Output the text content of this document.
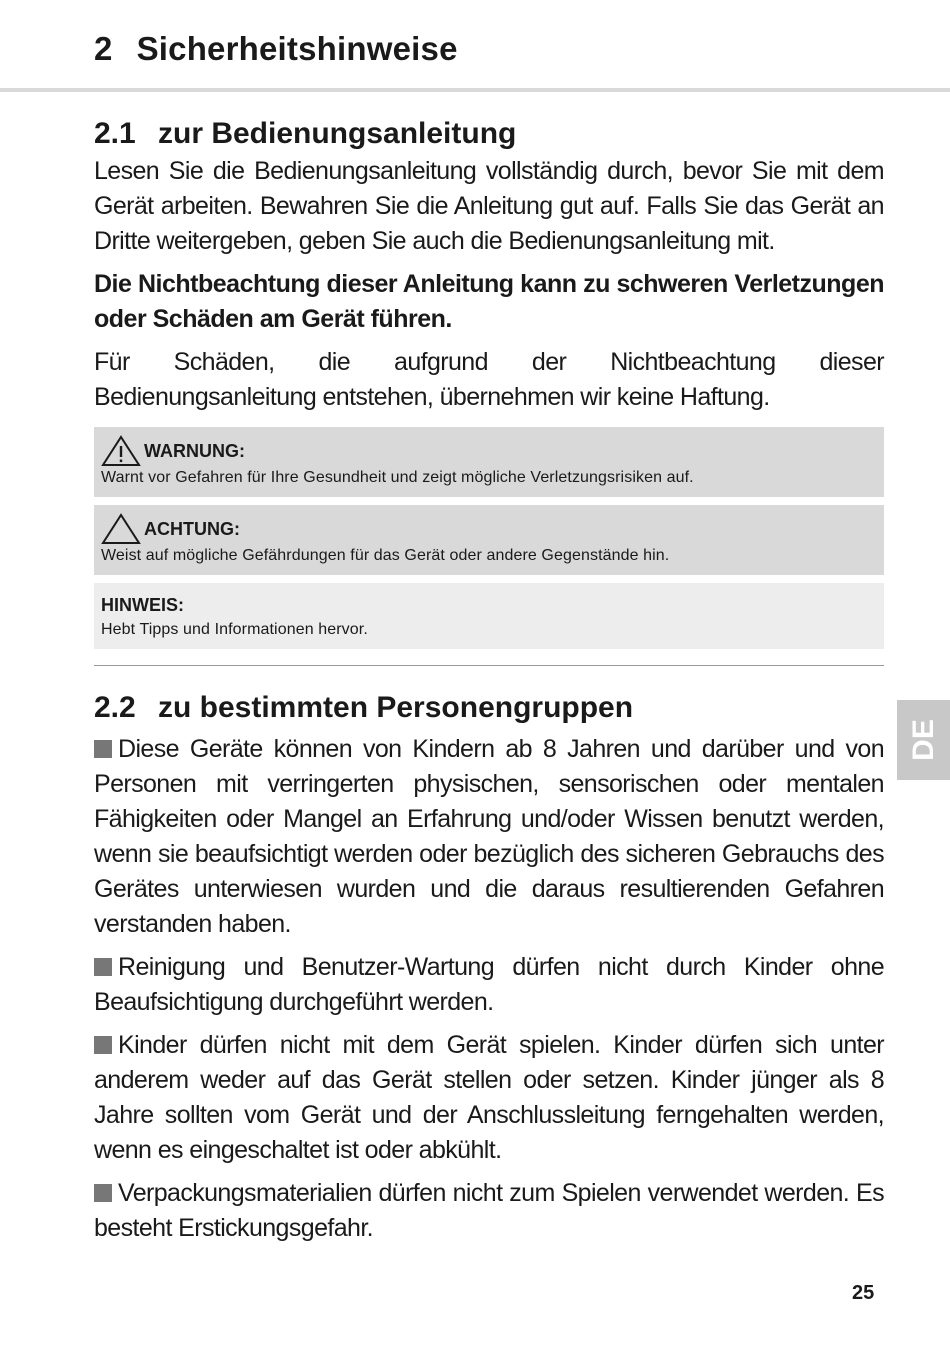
2 Sicherheitshinweise
2.1 zur Bedienungsanleitung

Lesen Sie die Bedienungsanleitung vollständig durch, bevor Sie mit dem Gerät arbeiten. Bewahren Sie die Anleitung gut auf. Falls Sie das Gerät an Dritte weitergeben, geben Sie auch die Bedienungsanleitung mit.

Die Nichtbeachtung dieser Anleitung kann zu schweren Verletzungen oder Schäden am Gerät führen.

Für Schäden, die aufgrund der Nichtbeachtung dieser Bedienungsanleitung entstehen, übernehmen wir keine Haftung.

WARNUNG:
Warnt vor Gefahren für Ihre Gesundheit und zeigt mögliche Verletzungsrisiken auf.
ACHTUNG:
Weist auf mögliche Gefährdungen für das Gerät oder andere Gegenstände hin.
HINWEIS:
Hebt Tipps und Informationen hervor.
2.2 zu bestimmten Personengruppen

Diese Geräte können von Kindern ab 8 Jahren und darüber und von Personen mit verringerten physischen, sensorischen oder mentalen Fähigkeiten oder Mangel an Erfahrung und/oder Wissen benutzt werden, wenn sie beaufsichtigt werden oder bezüglich des sicheren Gebrauchs des Gerätes unterwiesen wurden und die daraus resultierenden Gefahren verstanden haben.

Reinigung und Benutzer-Wartung dürfen nicht durch Kinder ohne Beaufsichtigung durchgeführt werden.

Kinder dürfen nicht mit dem Gerät spielen. Kinder dürfen sich unter anderem weder auf das Gerät stellen oder setzen. Kinder jünger als 8 Jahre sollten vom Gerät und der Anschlussleitung ferngehalten werden, wenn es eingeschaltet ist oder abkühlt.

Verpackungsmaterialien dürfen nicht zum Spielen verwendet werden. Es besteht Erstickungsgefahr.

DE
25
